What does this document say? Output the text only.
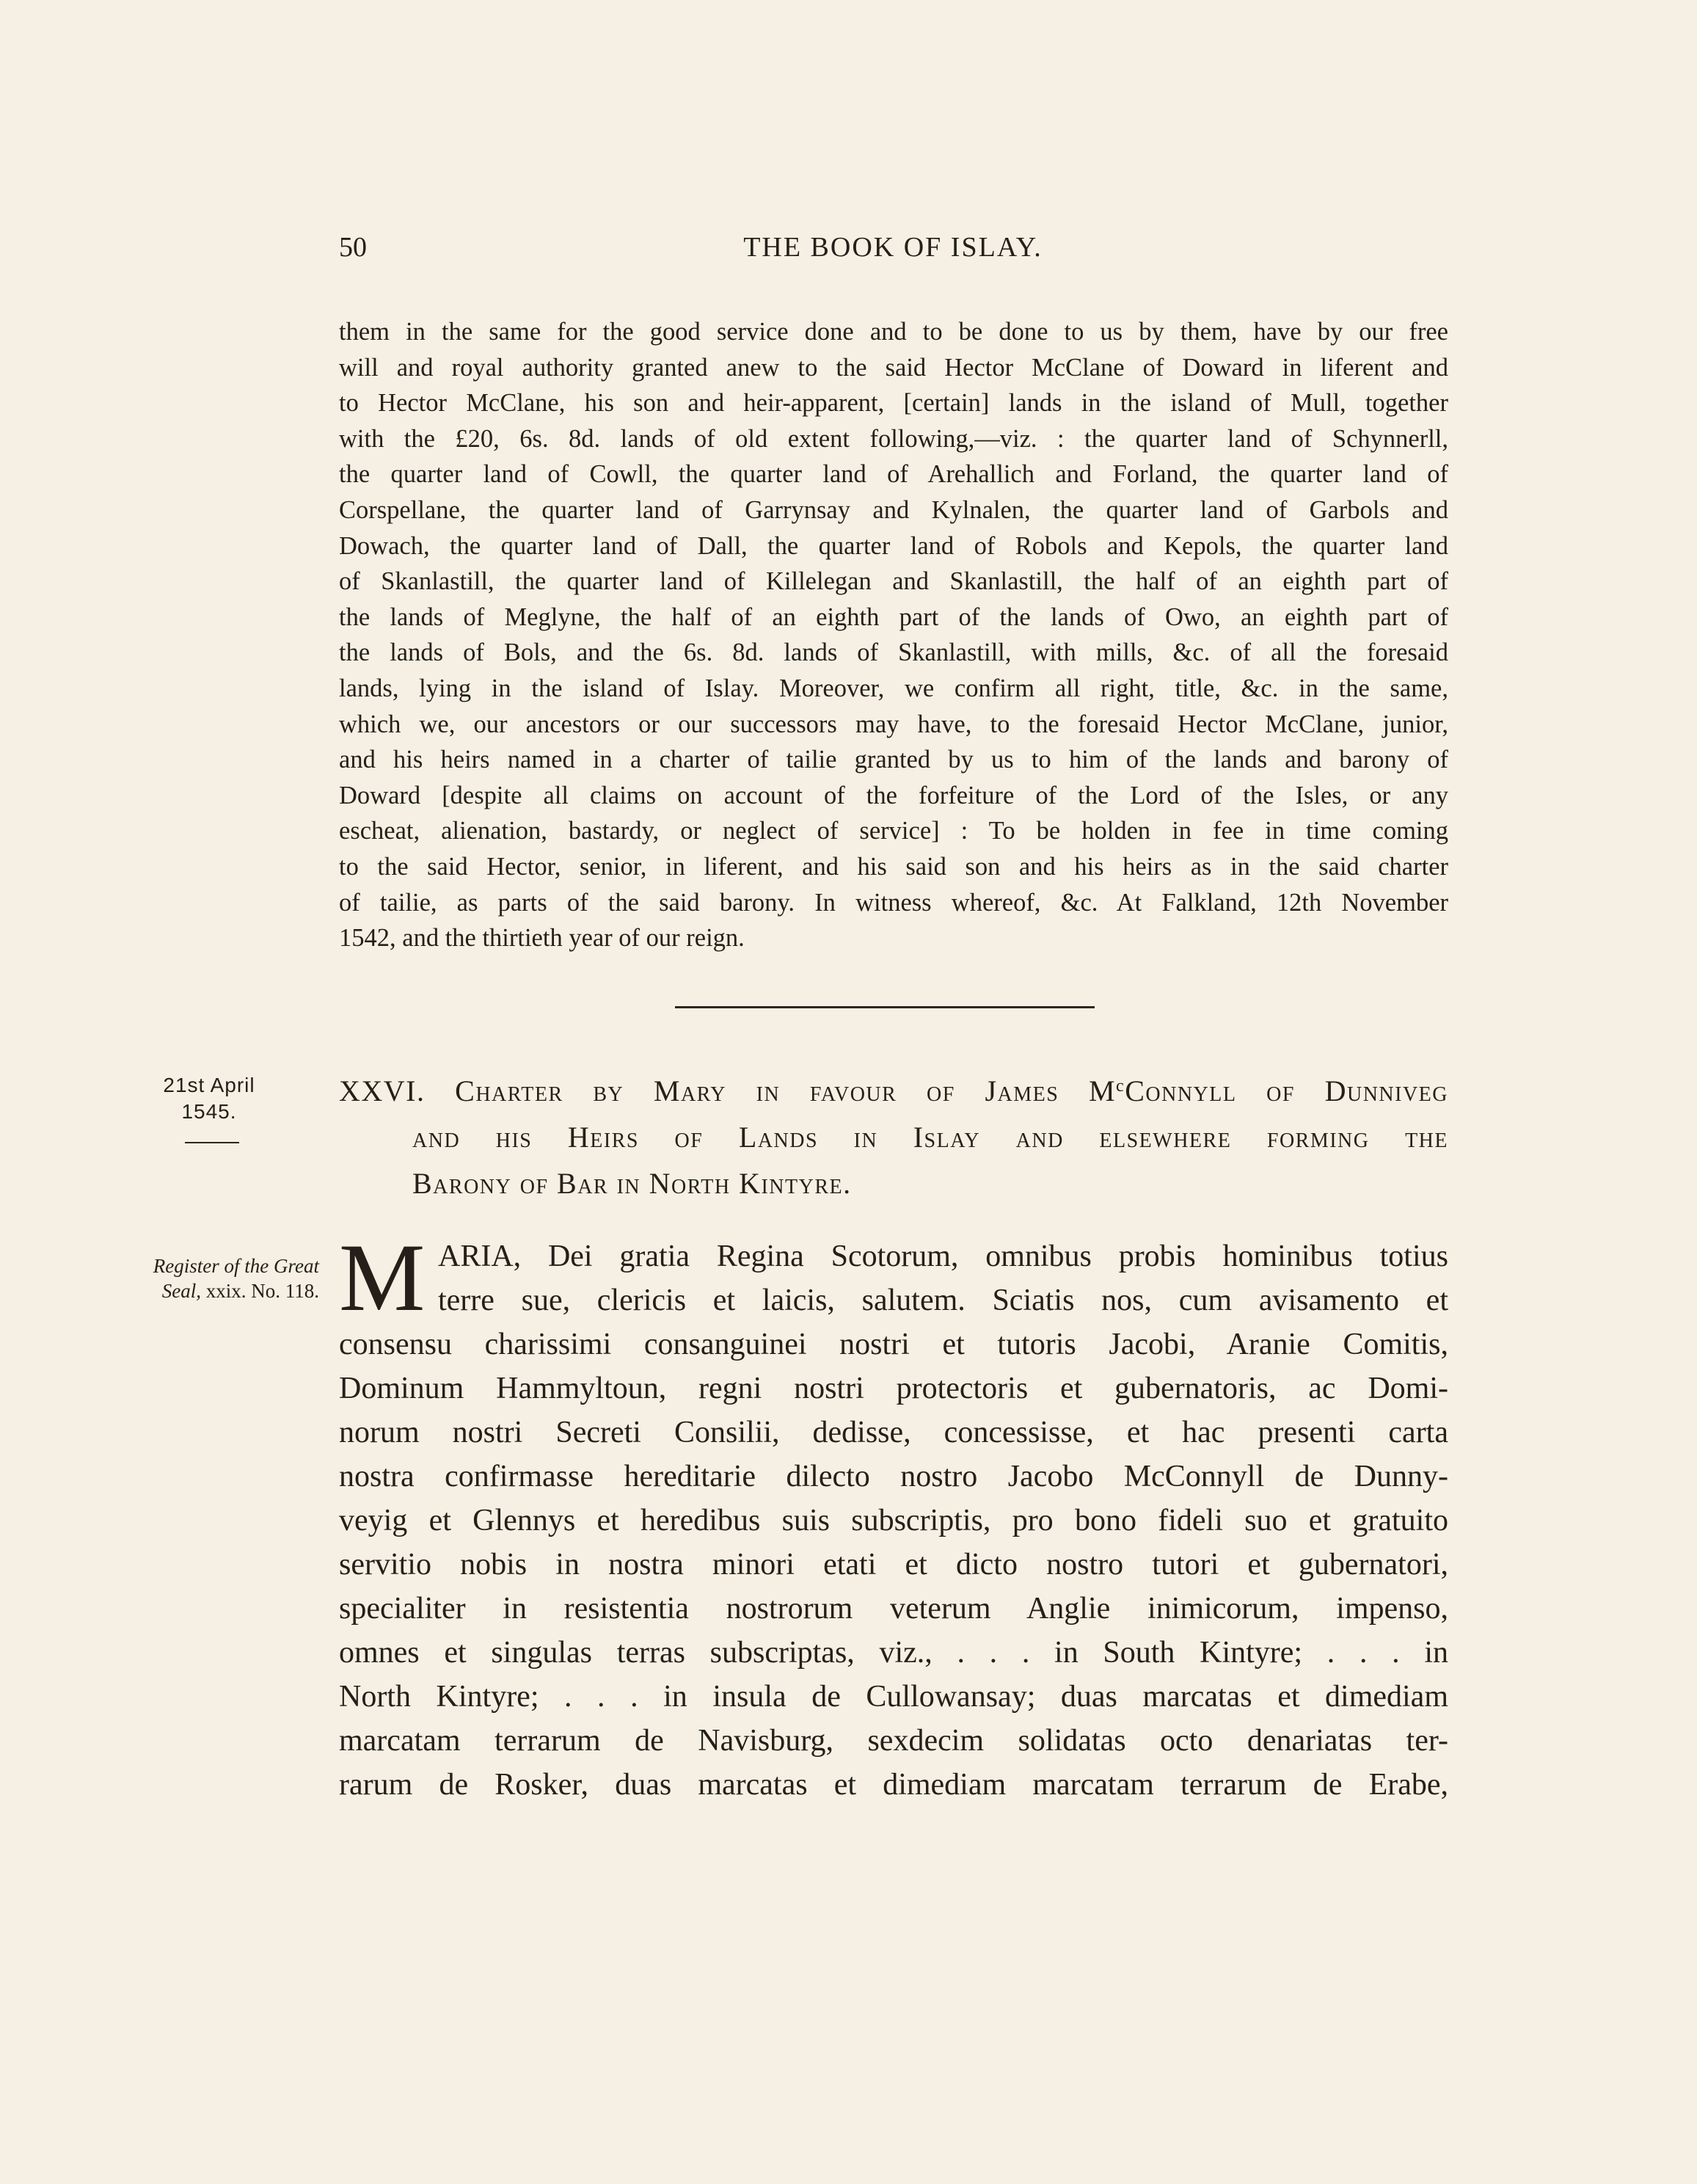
50	THE BOOK OF ISLAY.
them in the same for the good service done and to be done to us by them, have by our free
will and royal authority granted anew to the said Hector McClane of Doward in liferent and
to Hector McClane, his son and heir-apparent, [certain] lands in the island of Mull, together
with the £20, 6s. 8d. lands of old extent following,—viz. : the quarter land of Schynnerll,
the quarter land of Cowll, the quarter land of Arehallich and Forland, the quarter land of
Corspellane, the quarter land of Garrynsay and Kylnalen, the quarter land of Garbols and
Dowach, the quarter land of Dall, the quarter land of Robols and Kepols, the quarter land
of Skanlastill, the quarter land of Killelegan and Skanlastill, the half of an eighth part of
the lands of Meglyne, the half of an eighth part of the lands of Owo, an eighth part of
the lands of Bols, and the 6s. 8d. lands of Skanlastill, with mills, &c. of all the foresaid
lands, lying in the island of Islay. Moreover, we confirm all right, title, &c. in the same,
which we, our ancestors or our successors may have, to the foresaid Hector McClane, junior,
and his heirs named in a charter of tailie granted by us to him of the lands and barony of
Doward [despite all claims on account of the forfeiture of the Lord of the Isles, or any
escheat, alienation, bastardy, or neglect of service] : To be holden in fee in time coming
to the said Hector, senior, in liferent, and his said son and his heirs as in the said charter
of tailie, as parts of the said barony. In witness whereof, &c. At Falkland, 12th November
1542, and the thirtieth year of our reign.
21st April
1545.
Register of the Great
Seal, xxix. No. 118.
XXVI. Charter by Mary in favour of James $M^cConnyll$ of Dunniveg
and his Heirs of Lands in Islay and elsewhere forming the
Barony of Bar in North Kintyre.
M ARIA, Dei gratia Regina Scotorum, omnibus probis hominibus totius
terre sue, clericis et laicis, salutem. Sciatis nos, cum avisamento et
consensu charissimi consanguinei nostri et tutoris Jacobi, Aranie Comitis,
Dominum Hammyltoun, regni nostri protectoris et gubernatoris, ac Domi-
norum nostri Secreti Consilii, dedisse, concessisse, et hac presenti carta
nostra confirmasse hereditarie dilecto nostro Jacobo McConnyll de Dunny-
veyig et Glennys et heredibus suis subscriptis, pro bono fideli suo et gratuito
servitio nobis in nostra minori etati et dicto nostro tutori et gubernatori,
specialiter in resistentia nostrorum veterum Anglie inimicorum, impenso,
omnes et singulas terras subscriptas, viz., . . . in South Kintyre; . . . in
North Kintyre; . . . in insula de Cullowansay; duas marcatas et dimediam
marcatam terrarum de Navisburg, sexdecim solidatas octo denariatas ter-
rarum de Rosker, duas marcatas et dimediam marcatam terrarum de Erabe,
